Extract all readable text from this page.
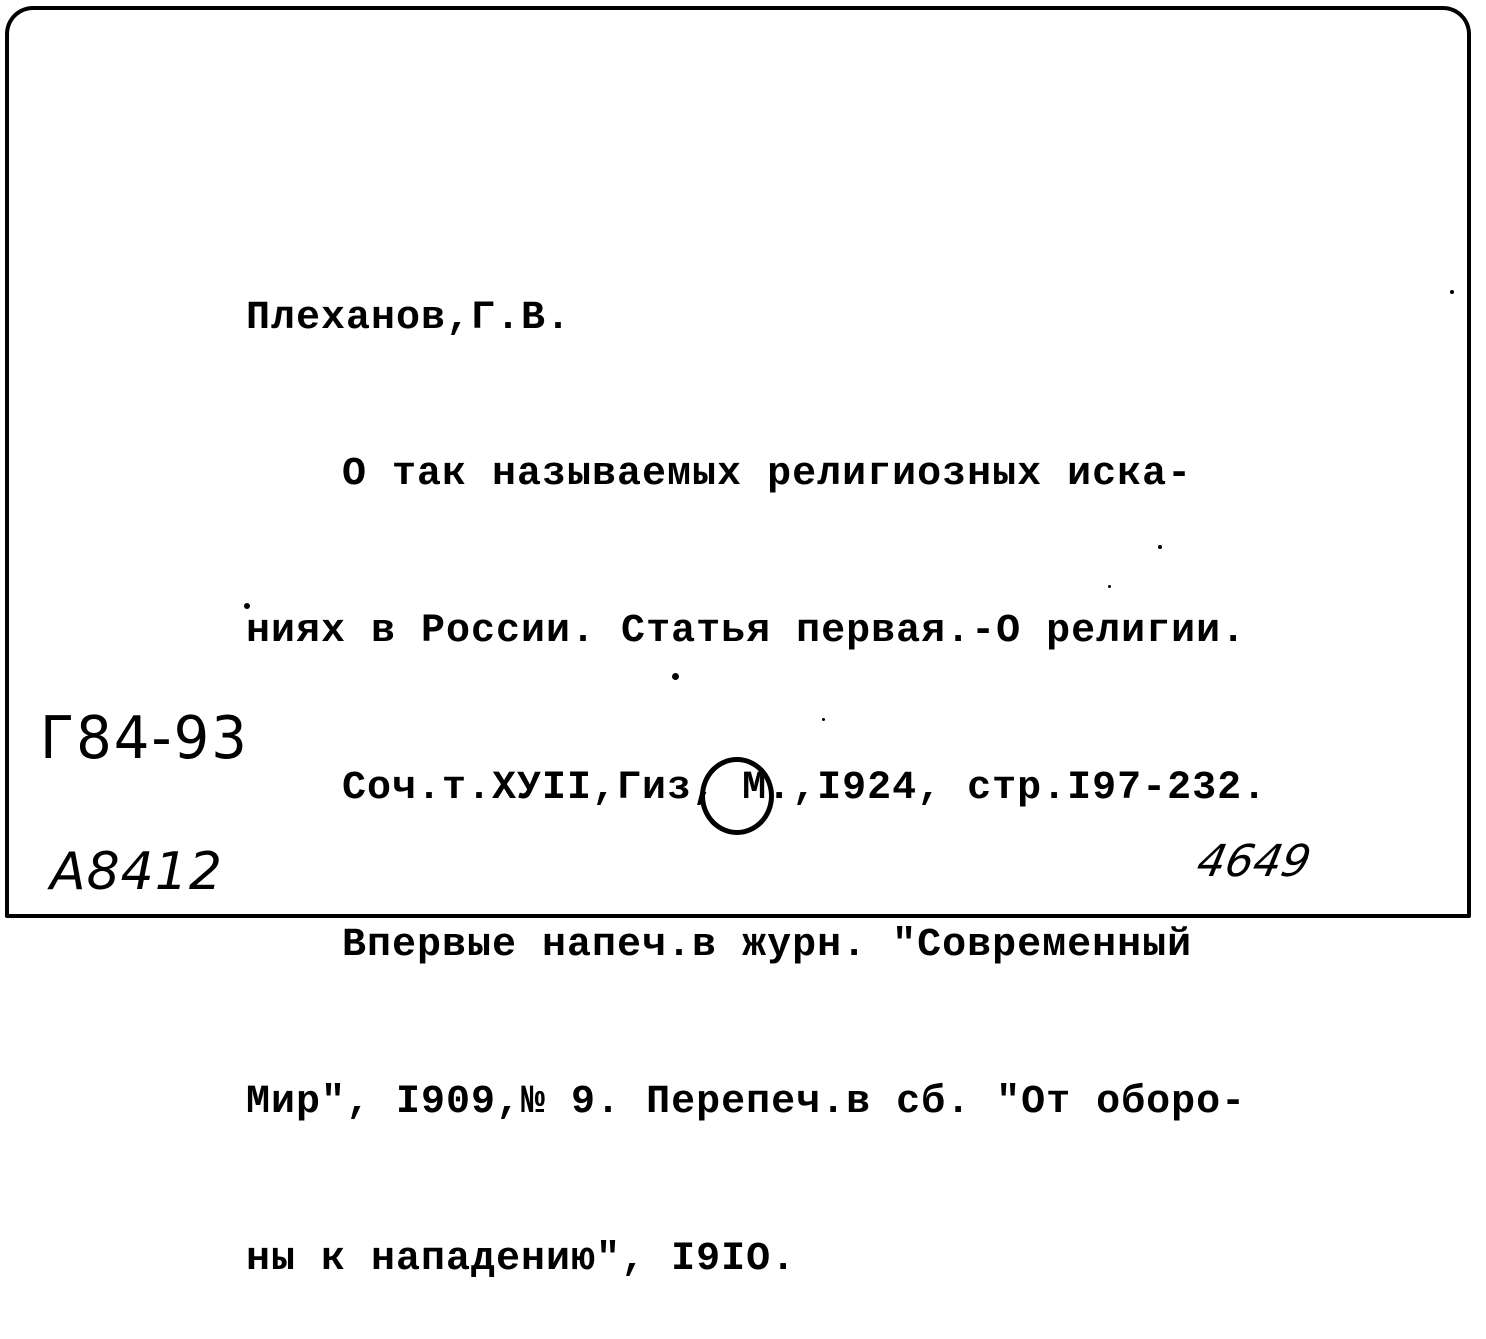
Плеханов,Г.В.

О так называемых религиозных иска-

ниях в России. Статья первая.-О религии.

Соч.т.ХУII,Гиз, М.,I924, стр.I97-232.

Впервые напеч.в журн. "Современный

Мир", I909,№ 9. Перепеч.в сб. "От оборо-

ны к нападению", I9IO.

Г84-93
А8412	4649
